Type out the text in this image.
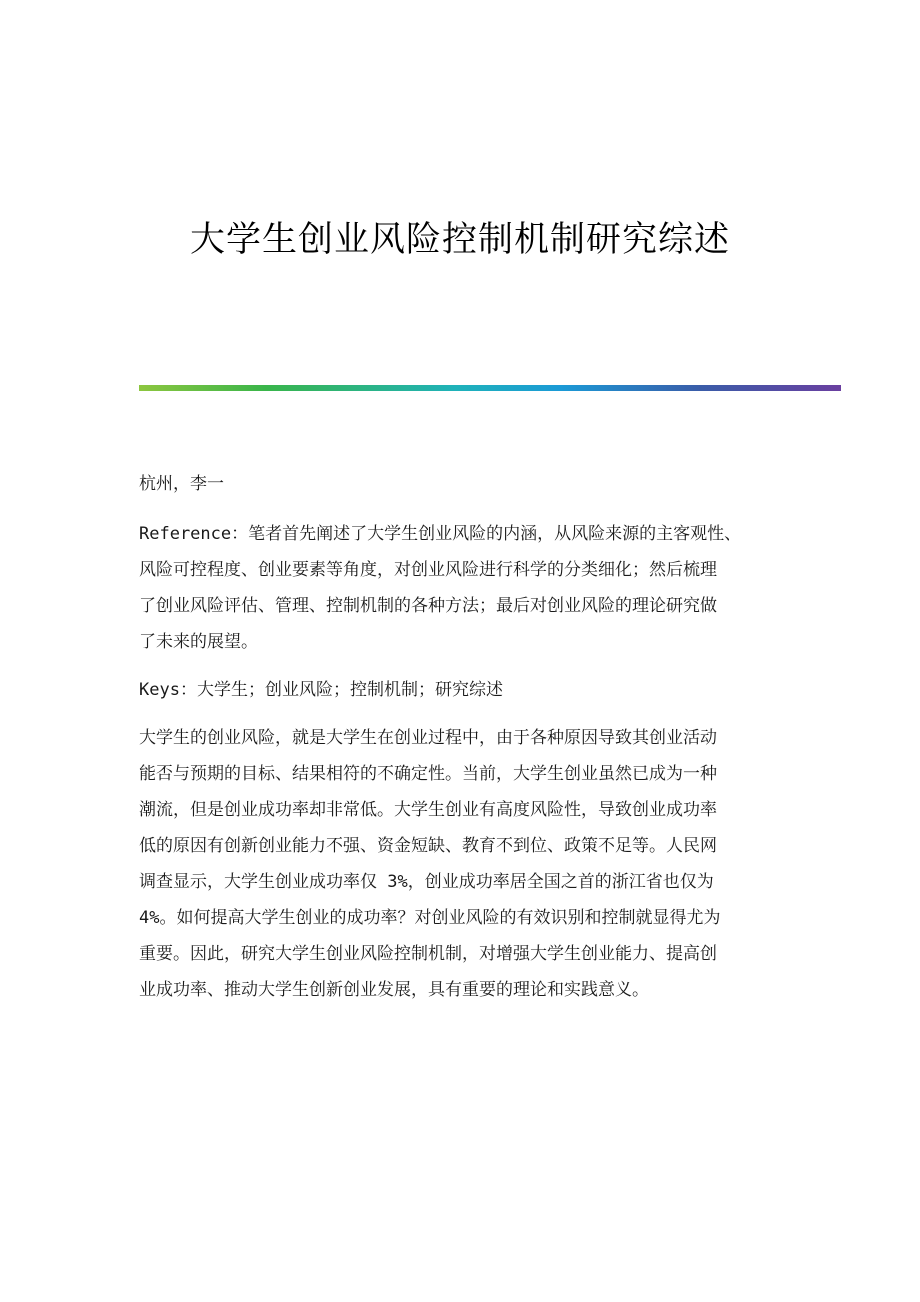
大学生创业风险控制机制研究综述

杭州，李一

Reference：笔者首先阐述了大学生创业风险的内涵，从风险来源的主客观性、
风险可控程度、创业要素等角度，对创业风险进行科学的分类细化；然后梳理
了创业风险评估、管理、控制机制的各种方法；最后对创业风险的理论研究做
了未来的展望。

Keys：大学生；创业风险；控制机制；研究综述

大学生的创业风险，就是大学生在创业过程中，由于各种原因导致其创业活动
能否与预期的目标、结果相符的不确定性。当前，大学生创业虽然已成为一种
潮流，但是创业成功率却非常低。大学生创业有高度风险性，导致创业成功率
低的原因有创新创业能力不强、资金短缺、教育不到位、政策不足等。人民网
调查显示，大学生创业成功率仅 3%，创业成功率居全国之首的浙江省也仅为
4%。如何提高大学生创业的成功率？对创业风险的有效识别和控制就显得尤为
重要。因此，研究大学生创业风险控制机制，对增强大学生创业能力、提高创
业成功率、推动大学生创新创业发展，具有重要的理论和实践意义。
